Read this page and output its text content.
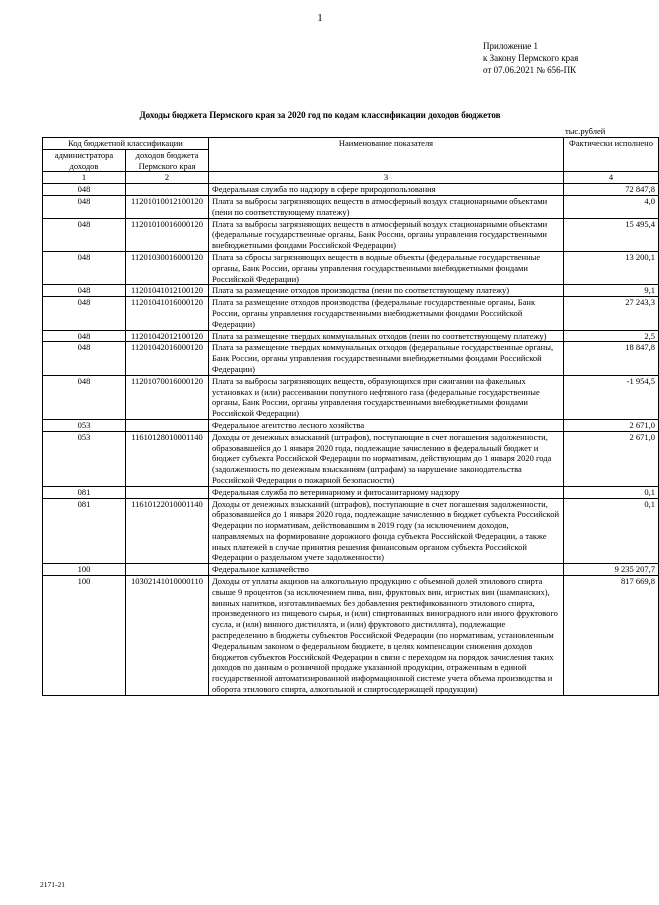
1
Приложение 1
к Закону Пермского края
от 07.06.2021 № 656-ПК
Доходы бюджета Пермского края за 2020 год по кодам классификации доходов бюджетов
тыс.рублей
Код бюджетной классификации		Наименование показателя	Фактически исполнено
администратора доходов	доходов бюджета Пермского края		
1	2	3	4
048		Федеральная служба по надзору в сфере природопользования	72 847,8
048	11201010012100120	Плата за выбросы загрязняющих веществ в атмосферный воздух стационарными объектами (пени по соответствующему платежу)	4,0
048	11201010016000120	Плата за выбросы загрязняющих веществ в атмосферный воздух стационарными объектами (федеральные государственные органы, Банк России, органы управления государственными внебюджетными фондами Российской Федерации)	15 495,4
048	11201030016000120	Плата за сбросы загрязняющих веществ в водные объекты (федеральные государственные органы, Банк России, органы управления государственными внебюджетными фондами Российской Федерации)	13 200,1
048	11201041012100120	Плата за размещение отходов производства (пени по соответствующему платежу)	9,1
048	11201041016000120	Плата за размещение отходов производства (федеральные государственные органы, Банк России, органы управления государственными внебюджетными фондами Российской Федерации)	27 243,3
048	11201042012100120	Плата за размещение твердых коммунальных отходов (пени по соответствующему платежу)	2,5
048	11201042016000120	Плата за размещение твердых коммунальных отходов (федеральные государственные органы, Банк России, органы управления государственными внебюджетными фондами Российской Федерации)	18 847,8
048	11201070016000120	Плата за выбросы загрязняющих веществ, образующихся при сжигании на факельных установках и (или) рассеивании попутного нефтяного газа (федеральные государственные органы, Банк России, органы управления государственными внебюджетными фондами Российской Федерации)	-1 954,5
053		Федеральное агентство лесного хозяйства	2 671,0
053	11610128010001140	Доходы от денежных взысканий (штрафов), поступающие в счет погашения задолженности, образовавшейся до 1 января 2020 года, подлежащие зачислению в федеральный бюджет и бюджет субъекта Российской Федерации по нормативам, действующим до 1 января 2020 года (задолженность по денежным взысканиям (штрафам) за нарушение законодательства Российской Федерации о пожарной безопасности)	2 671,0
081		Федеральная служба по ветеринарному и фитосанитарному надзору	0,1
081	11610122010001140	Доходы от денежных взысканий (штрафов), поступающие в счет погашения задолженности, образовавшейся до 1 января 2020 года, подлежащие зачислению в бюджет субъекта Российской Федерации по нормативам, действовавшим в 2019 году (за исключением доходов, направляемых на формирование дорожного фонда субъекта Российской Федерации, а также иных платежей в случае принятия решения финансовым органом субъекта Российской Федерации о раздельном учете задолженности)	0,1
100		Федеральное казначейство	9 235 207,7
100	10302141010000110	Доходы от уплаты акцизов на алкогольную продукцию с объемной долей этилового спирта свыше 9 процентов (за исключением пива, вин, фруктовых вин, игристых вин (шампанских), винных напитков, изготавливаемых без добавления ректификованного этилового спирта, произведенного из пищевого сырья, и (или) спиртованных виноградного или иного фруктового сусла, и (или) винного дистиллята, и (или) фруктового дистиллята), подлежащие распределению в бюджеты субъектов Российской Федерации (по нормативам, установленным Федеральным законом о федеральном бюджете, в целях компенсации снижения доходов бюджетов субъектов Российской Федерации в связи с переходом на порядок зачисления таких доходов по данным о розничной продаже указанной продукции, отраженным в единой государственной автоматизированной информационной системе учета объема производства и оборота этилового спирта, алкогольной и спиртосодержащей продукции)	817 669,8
2171-21
